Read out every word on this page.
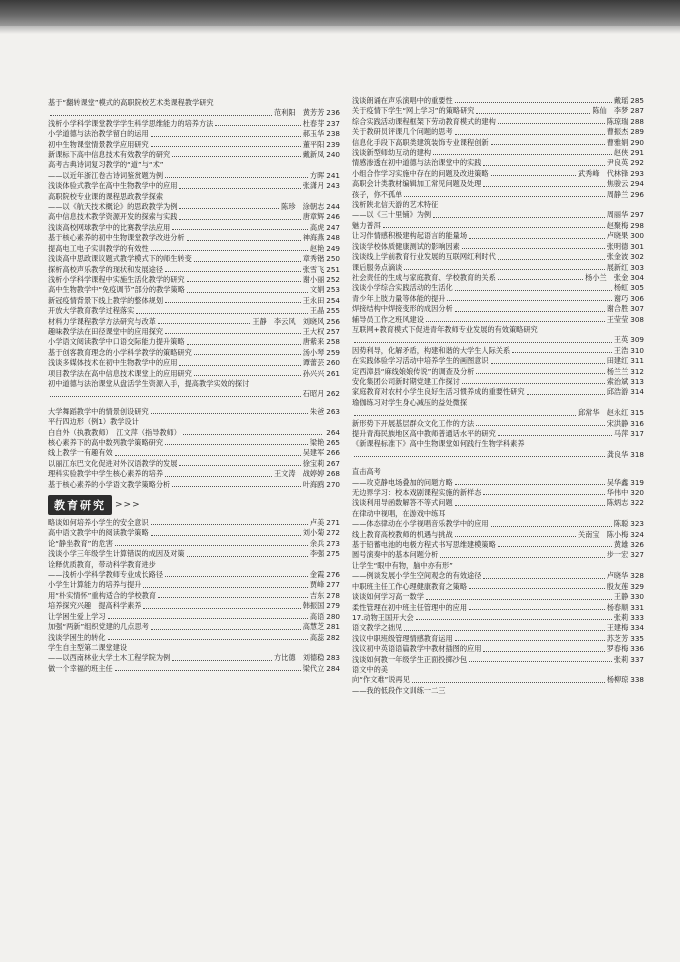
基于“翻转课堂”模式的高职院校艺术类课程教学研究
范利阳　黄芳芳 236
浅析小学科学课堂教学学生科学思维能力的培养方法	杜春芽 237
小学道德与法治教学留白的运用	郝玉华 238
初中生物课堂情景教学应用研究	董平阳 239
新课标下高中信息技术有效教学的研究	戴新凤 240
高考古典诗词复习教学的“道”与“术”
——以近年浙江卷古诗词鉴赏题为例	方晖 241
浅谈体验式教学在高中生物教学中的应用	张潇月 243
高职院校专业课的课程思政教学探索
——以《航天技术概论》的思政教学为例	陈珍　涂朝志 244
高中信息技术教学资源开发的探索与实践	唐章辉 246
浅谈高校网球教学中的比赛教学法应用	高虎 247
基于核心素养的初中生物课堂教学改进分析	神海燕 248
提高电工电子实训教学的有效性	赵艳 249
浅谈高中思政课议题式教学模式下的师生转变	章秀锴 250
探析高校声乐教学的现状和发展途径	张雪飞 251
浅析小学科学课程中实施生活化教学的研究	谢小丽 252
高中生物教学中“免疫调节”部分的教学策略	文娟 253
新冠疫情背景下线上教学的整体规划	王永田 254
开放大学教育教学过程落实	王晶 255
材料力学课程教学方法研究与改革	王静　李云风　刘晓风 256
趣味教学法在田径课堂中的应用探究	王大权 257
小学语文阅读教学中口语交际能力提升策略	唐紫来 258
基于创客教育理念的小学科学教学的策略研究	汤小琴 259
浅谈多媒体技术在初中生物教学中的应用	谭蕾芸 260
项目教学法在高中信息技术课堂上的应用研究	孙兴兴 261
初中道德与法治课堂从盘活学生资源入手，提高教学实效的探讨
石昭月 262
大学舞蹈教学中的情景创设研究	朱爸 263
平行四边形（例1）教学设计
白自外（执教教师）　江文萍（指导教师）	264
核心素养下的高中数列教学策略研究	梁艳 265
线上教学一有趣有效	吴建军 266
以丽江东巴文化促进对外汉语教学的发展	徐宝莉 267
理科实验教学中学生核心素养的培养	王文涛　战婷婷 268
基于核心素养的小学语文教学策略分析	叶海鸥 270
教育研究	>>>
略谈如何培养小学生的安全意识	卢美 271
高中语文教学中的阅读教学策略	刘小菊 272
论“静坐教育”的危害	余兵 273
浅谈小学三年级学生计算错误的成因及对策	李强 275
诠释优质教育，带动科学教育进步
——浅析小学科学教师专业成长路径	金霞 276
小学生计算能力的培养与提升	贾峰 277
用“朴实情怀”重构适合的学校教育	吉东 278
培养探究兴趣　提高科学素养	韩振国 279
让学困生爱上学习	高语 280
加强“两新”组织党建的几点思考	高慧芝 281
浅谈学困生的转化	高蕊 282
学生自主型第二课堂建设
——以西南林业大学土木工程学院为例	方比德　刘德稳 283
做一个幸福的班主任	梁代立 284
浅谈朗诵在声乐演唱中的重要性	戴瑶 285
关于疫情下学生“网上学习”的策略研究	陈仙　李梦 287
综合实践活动课程框架下劳动教育模式的建构	陈琼瑞 288
关于教研员评课几个问题的思考	曹振杰 289
信息化手段下高职类建筑装饰专业课程创新	曹雅娟 290
浅谈新型师幼互动的建构	赵侠 291
情感渗透在初中道德与法治课堂中的实践	尹良英 292
小组合作学习实施中存在的问题及改进策略	武秀峰　代林锋 293
高职会计类教材编辑加工常见问题及处理	焦骏云 294
孩子，你不孤单	周静兰 296
浅析陕北信天游的艺术特征
——以《三十里铺》为例	周丽华 297
魅力普洱	赵聚梅 298
让习作情感积极建构起语言的能量场	卢晓果 300
浅谈学校体质健康测试的影响因素	张明德 301
浅谈线上学前教育行业发展的互联网红利时代	张金波 302
课后服务点滴谈	展新红 303
社会责任的生成与家庭教育、学校教育的关系	杨小兰　张金 304
浅谈小学综合实践活动的生活化	杨虹 305
青少年上肢力量等体能的提升	谢巧 306
焊接结构中焊接变形的成因分析	谢合胜 307
辅导员工作之班风建设	王莹莹 308
互联网+教育模式下促进青年教师专业发展的有效策略研究
王英 309
因势利导，化解矛盾，构建和谐的大学生人际关系	王浩 310
在实践体验学习活动中培养学生的画图意识	田建红 311
定西漳县“麻线娘娘传说”的调查及分析	杨兰兰 312
安化集团公司新时期党建工作探讨	索治斌 313
家庭教育对农村小学生良好生活习惯养成的重要性研究	邱浩游 314
瑜伽练习对学生身心减压的益处微探
邱常华　赵永红 315
新形势下开展基层群众文化工作的方法	宋洪静 316
提升青海民族地区高中教师普通话水平的研究	马萍 317
《新课程标准下》高中生物课堂如何践行生物学科素养
龚良华 318
直击高考
——攻克静电场叠加的问题方略	吴华鑫 319
无边界学习：校本戏剧课程实施的新样态	华伟中 320
浅谈利用导函数解答不等式问题	陈炳志 322
在律动中视唱，在游戏中练耳
——体态律动在小学视唱音乐教学中的应用	陈聪 323
线上教育高校教师的机遇与挑战	关南宝　陈小梅 324
基于铅蓄电池的电极方程式书写思维建模策略	黄雄 326
圆号演奏中的基本问题分析	步一宏 327
让学生“眼中有物，脑中亦有形”
——例谈发展小学生空间观念的有效途径	卢晓华 328
中职班主任工作心理健康教育之策略	殷友莲 329
谈谈如何学习高一数学	王静 330
柔性管理在初中班主任管理中的应用	杨春顺 331
17.动物王国开大会	张莉 333
语文教学之拙见	王建梅 334
浅议中职班级管理情感教育运用	苏芝芳 335
浅议初中英语语篇教学中教材插图的应用	罗春梅 336
浅谈如何教一年级学生正面投掷沙包	张莉 337
语文中的美
向“作文难”说再见	杨柳琼 338
——我的低段作文训练一二三
